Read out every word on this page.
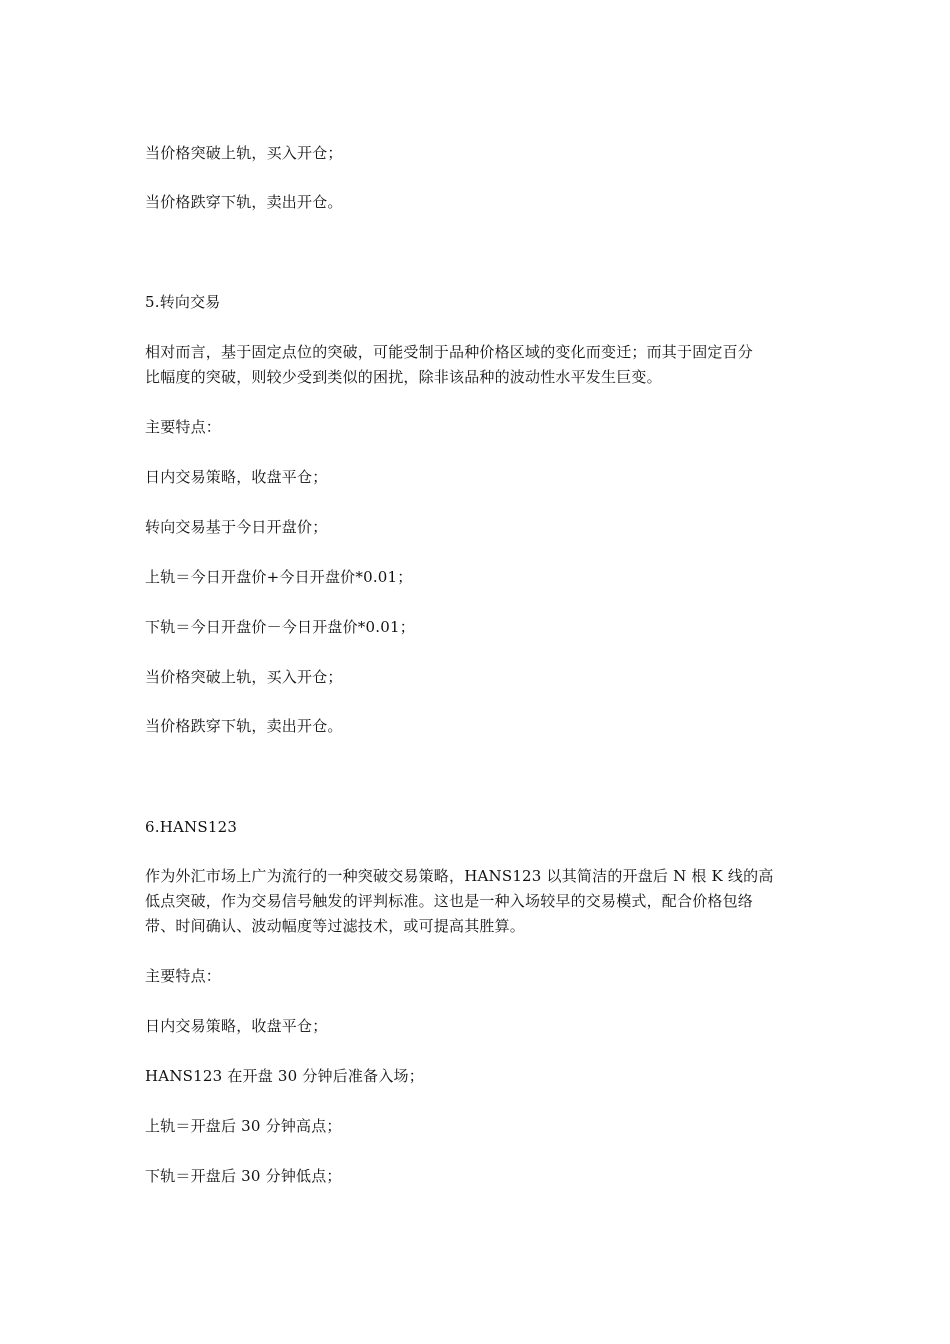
当价格突破上轨，买入开仓；
当价格跌穿下轨，卖出开仓。
5.转向交易
相对而言，基于固定点位的突破，可能受制于品种价格区域的变化而变迁；而其于固定百分
比幅度的突破，则较少受到类似的困扰，除非该品种的波动性水平发生巨变。
主要特点：
日内交易策略，收盘平仓；
转向交易基于今日开盘价；
上轨＝今日开盘价+今日开盘价*0.01；
下轨＝今日开盘价－今日开盘价*0.01；
当价格突破上轨，买入开仓；
当价格跌穿下轨，卖出开仓。
6.HANS123
作为外汇市场上广为流行的一种突破交易策略，HANS123 以其简洁的开盘后 N 根 K 线的高
低点突破，作为交易信号触发的评判标准。这也是一种入场较早的交易模式，配合价格包络
带、时间确认、波动幅度等过滤技术，或可提高其胜算。
主要特点：
日内交易策略，收盘平仓；
HANS123 在开盘 30 分钟后准备入场；
上轨＝开盘后 30 分钟高点；
下轨＝开盘后 30 分钟低点；
